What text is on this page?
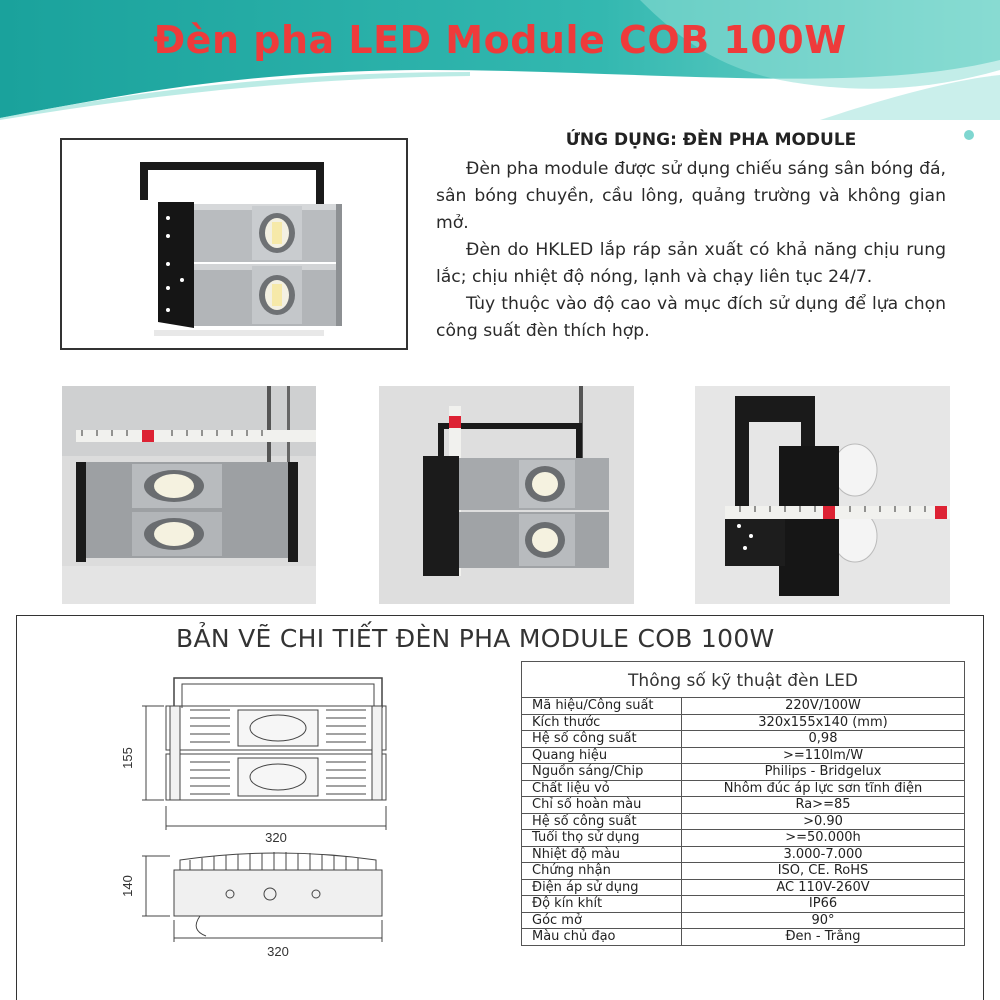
Đèn pha LED Module COB 100W
ỨNG DỤNG: ĐÈN PHA MODULE

Đèn pha module được sử dụng chiếu sáng sân bóng đá, sân bóng chuyền, cầu lông, quảng trường và không gian mở.

Đèn do HKLED lắp ráp sản xuất có khả năng chịu rung lắc; chịu nhiệt độ nóng, lạnh và chạy liên tục 24/7.

Tùy thuộc vào độ cao và mục đích sử dụng để lựa chọn công suất đèn thích hợp.

BẢN VẼ CHI TIẾT ĐÈN PHA MODULE COB 100W
155
320
140
320
Thông số kỹ thuật đèn LED
Mã hiệu/Công suất	220V/100W
Kích thước	320x155x140 (mm)
Hệ số công suất	0,98
Quang hiệu	>=110lm/W
Nguồn sáng/Chip	Philips - Bridgelux
Chất liệu vỏ	Nhôm đúc áp lực sơn tĩnh điện
Chỉ số hoàn màu	Ra>=85
Hệ số công suất	>0.90
Tuổi thọ sử dụng	>=50.000h
Nhiệt độ màu	3.000-7.000
Chứng nhận	ISO, CE. RoHS
Điện áp sử dụng	AC 110V-260V
Độ kín khít	IP66
Góc mở	90°
Màu chủ đạo	Đen - Trắng
